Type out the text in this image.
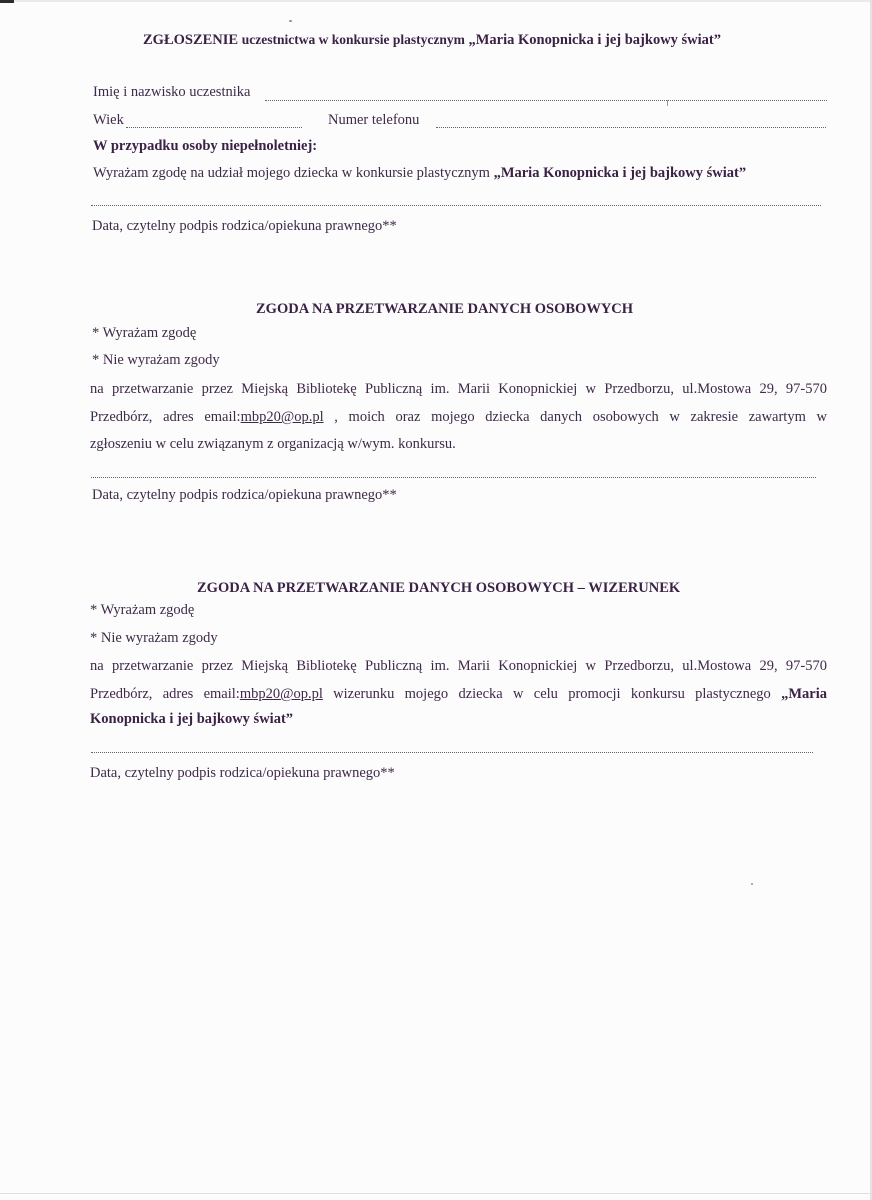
ZGŁOSZENIE uczestnictwa w konkursie plastycznym „Maria Konopnicka i jej bajkowy świat”
Imię i nazwisko uczestnika
Wiek	Numer telefonu
W przypadku osoby niepełnoletniej:
Wyrażam zgodę na udział mojego dziecka w konkursie plastycznym „Maria Konopnicka i jej bajkowy świat”
Data, czytelny podpis rodzica/opiekuna prawnego**
ZGODA NA PRZETWARZANIE DANYCH OSOBOWYCH
* Wyrażam zgodę
* Nie wyrażam zgody
na przetwarzanie przez Miejską Bibliotekę Publiczną im. Marii Konopnickiej w Przedborzu, ul.Mostowa 29, 97-570
Przedbórz, adres email:mbp20@op.pl , moich oraz mojego dziecka danych osobowych w zakresie zawartym w
zgłoszeniu w celu związanym z organizacją w/wym. konkursu.
Data, czytelny podpis rodzica/opiekuna prawnego**
ZGODA NA PRZETWARZANIE DANYCH OSOBOWYCH – WIZERUNEK
* Wyrażam zgodę
* Nie wyrażam zgody
na przetwarzanie przez Miejską Bibliotekę Publiczną im. Marii Konopnickiej w Przedborzu, ul.Mostowa 29, 97-570
Przedbórz, adres email:mbp20@op.pl wizerunku mojego dziecka w celu promocji konkursu plastycznego „Maria
Konopnicka i jej bajkowy świat”
Data, czytelny podpis rodzica/opiekuna prawnego**
